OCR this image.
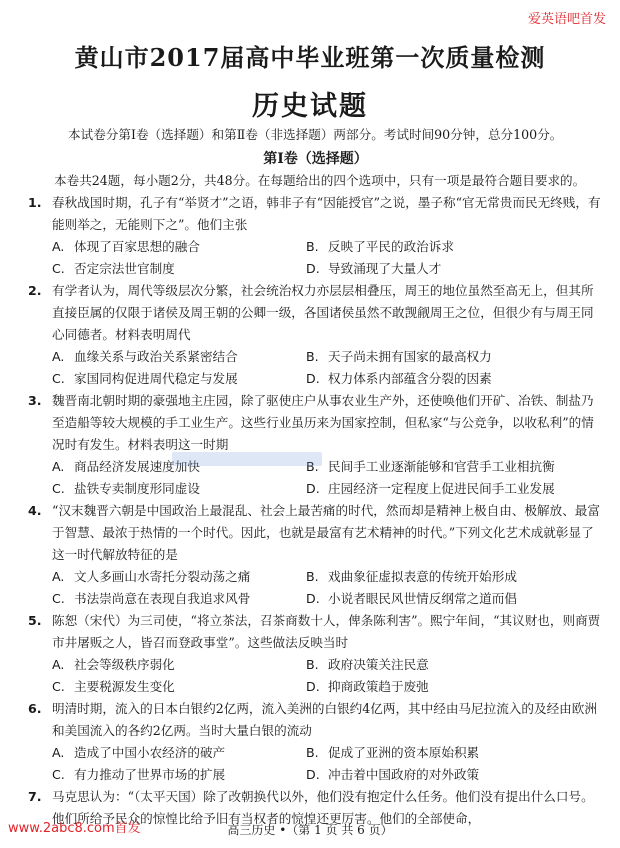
爱英语吧首发
黄山市2017届高中毕业班第一次质量检测
历史试题

本试卷分第Ⅰ卷（选择题）和第Ⅱ卷（非选择题）两部分。考试时间90分钟，总分100分。

第Ⅰ卷（选择题）

本卷共24题，每小题2分，共48分。在每题给出的四个选项中，只有一项是最符合题目要求的。

1. 春秋战国时期，孔子有“举贤才”之语，韩非子有“因能授官”之说，墨子称“官无常贵而民无终贱，有能则举之，无能则下之”。他们主张
A. 体现了百家思想的融合	B. 反映了平民的政治诉求
C. 否定宗法世官制度	D. 导致涌现了大量人才
2. 有学者认为，周代等级层次分繁，社会统治权力亦层层相叠压，周王的地位虽然至高无上，但其所直接臣属的仅限于诸侯及周王朝的公卿一级，各国诸侯虽然不敢觊觎周王之位，但很少有与周王同心同德者。材料表明周代
A. 血缘关系与政治关系紧密结合	B. 天子尚未拥有国家的最高权力
C. 家国同构促进周代稳定与发展	D. 权力体系内部蕴含分裂的因素
3. 魏晋南北朝时期的豪强地主庄园，除了驱使庄户从事农业生产外，还使唤他们开矿、冶铁、制盐乃至造船等较大规模的手工业生产。这些行业虽历来为国家控制，但私家“与公竞争，以收私利”的情况时有发生。材料表明这一时期
A. 商品经济发展速度加快	B. 民间手工业逐渐能够和官营手工业相抗衡
C. 盐铁专卖制度形同虚设	D. 庄园经济一定程度上促进民间手工业发展
4. “汉末魏晋六朝是中国政治上最混乱、社会上最苦痛的时代，然而却是精神上极自由、极解放、最富于智慧、最浓于热情的一个时代。因此，也就是最富有艺术精神的时代。”下列文化艺术成就彰显了这一时代解放特征的是
A. 文人多画山水寄托分裂动荡之痛	B. 戏曲象征虚拟表意的传统开始形成
C. 书法崇尚意在表现自我追求风骨	D. 小说者眼民风世情反纲常之道而倡
5. 陈恕（宋代）为三司使，“将立茶法，召茶商数十人，俾条陈利害”。熙宁年间，“其议财也，则商贾市井屠贩之人，皆召而登政事堂”。这些做法反映当时
A. 社会等级秩序弱化	B. 政府决策关注民意
C. 主要税源发生变化	D. 抑商政策趋于废弛
6. 明清时期，流入的日本白银约2亿两，流入美洲的白银约4亿两，其中经由马尼拉流入的及经由欧洲和美国流入的各约2亿两。当时大量白银的流动
A. 造成了中国小农经济的破产	B. 促成了亚洲的资本原始积累
C. 有力推动了世界市场的扩展	D. 冲击着中国政府的对外政策
7. 马克思认为：“（太平天国）除了改朝换代以外，他们没有抱定什么任务。他们没有提出什么口号。他们所给予民众的惊惶比给予旧有当权者的惊惶还更厉害。他们的全部使命，
高三历史 •（第 1 页 共 6 页）
www.2abc8.com首发
